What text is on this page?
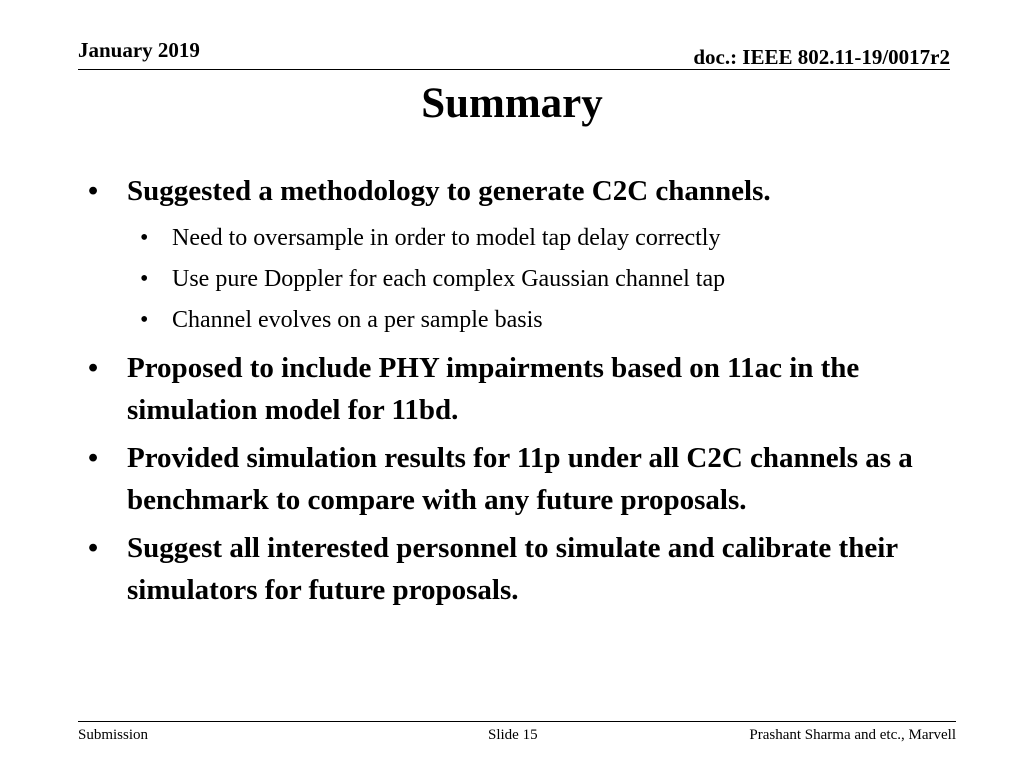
January 2019	doc.: IEEE 802.11-19/0017r2
Summary
• Suggested a methodology to generate C2C channels.
• Need to oversample in order to model tap delay correctly
• Use pure Doppler for each complex Gaussian channel tap
• Channel evolves on a per sample basis
• Proposed to include PHY impairments based on 11ac in the simulation model for 11bd.
• Provided simulation results for 11p under all C2C channels as a benchmark to compare with any future proposals.
• Suggest all interested personnel to simulate and calibrate their simulators for future proposals.
Submission	Slide 15	Prashant Sharma and etc., Marvell
